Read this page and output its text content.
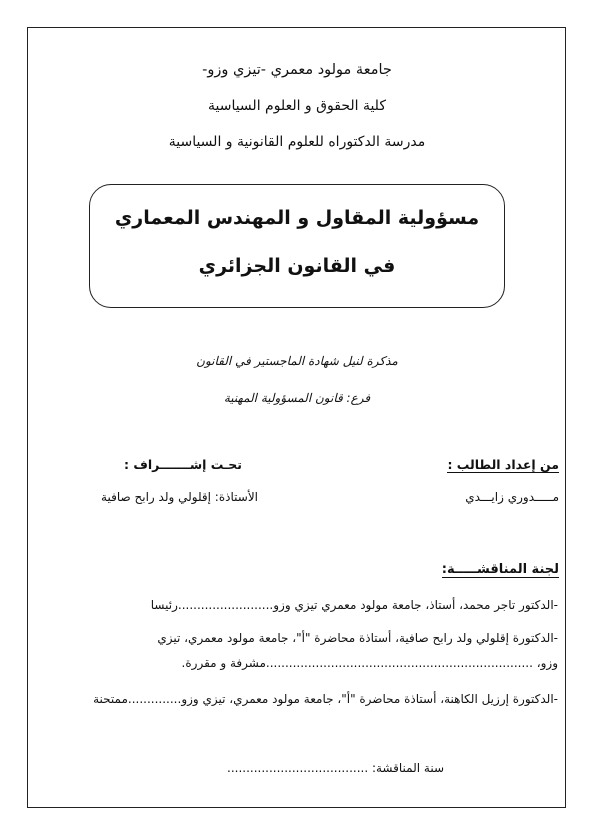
جامعة مولود معمري -تيزي وزو-
كلية الحقوق و العلوم السياسية
مدرسة الدكتوراه للعلوم القانونية و السياسية
مسؤولية المقاول و المهندس المعماري
في القانون الجزائري
مذكرة لنيل شهادة الماجستير في القانون
فرع: قانون المسؤولية المهنية
من إعداد الطالب :
تحـت إشـــــــراف :
مـــــدوري زايـــدي
الأستاذة: إقلولي ولد رابح صافية
لجنة المناقشـــــة:
-الدكتور تاجر محمد، أستاذ، جامعة مولود معمري تيزي وزو.........................رئيسا
-الدكتورة إقلولي ولد رابح صافية، أستاذة محاضرة "أ"، جامعة مولود معمري، تيزي
وزو، ......................................................................مشرفة و مقررة.
-الدكتورة إرزيل الكاهنة، أستاذة محاضرة "أ"، جامعة مولود معمري، تيزي وزو..............ممتحنة
سنة المناقشة: .....................................
